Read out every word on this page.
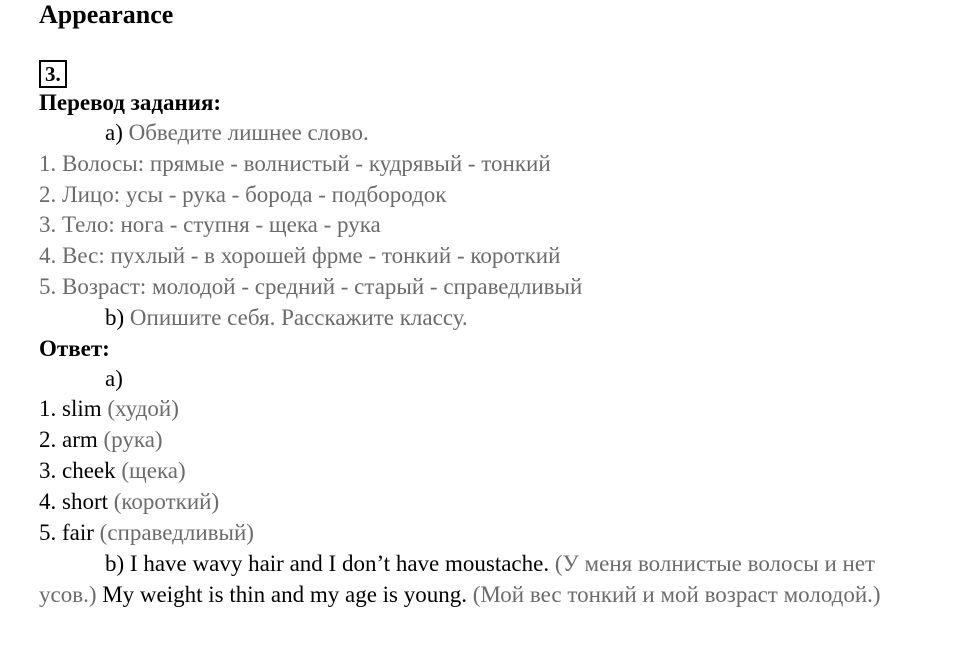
Appearance
3.
Перевод задания:
а) Обведите лишнее слово.
1. Волосы: прямые - волнистый - кудрявый - тонкий
2. Лицо: усы - рука - борода - подбородок
3. Тело: нога - ступня - щека - рука
4. Вес: пухлый - в хорошей фрме - тонкий - короткий
5. Возраст: молодой - средний - старый - справедливый
b) Опишите себя. Расскажите классу.
Ответ:
a)
1. slim (худой)
2. arm (рука)
3. cheek (щека)
4. short (короткий)
5. fair (справедливый)
b) I have wavy hair and I don’t have moustache. (У меня волнистые волосы и нет усов.) My weight is thin and my age is young. (Мой вес тонкий и мой возраст молодой.)
